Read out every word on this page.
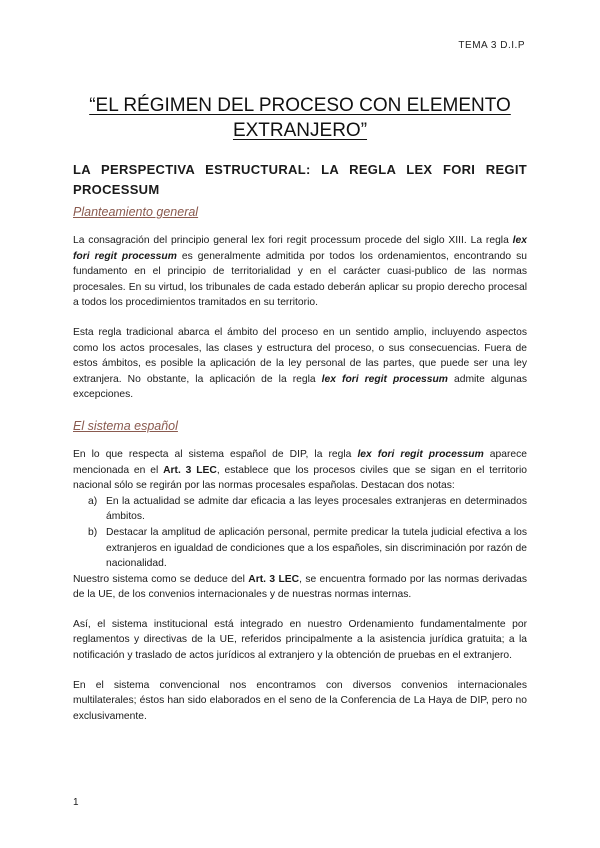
TEMA 3 D.I.P
“EL RÉGIMEN DEL PROCESO CON ELEMENTO
EXTRANJERO”
LA PERSPECTIVA ESTRUCTURAL: LA REGLA LEX FORI REGIT
PROCESSUM
Planteamiento general

La consagración del principio general lex fori regit processum procede del siglo XIII. La regla lex fori regit processum es generalmente admitida por todos los ordenamientos, encontrando su fundamento en el principio de territorialidad y en el carácter cuasi-publico de las normas procesales. En su virtud, los tribunales de cada estado deberán aplicar su propio derecho procesal a todos los procedimientos tramitados en su territorio.

Esta regla tradicional abarca el ámbito del proceso en un sentido amplio, incluyendo aspectos como los actos procesales, las clases y estructura del proceso, o sus consecuencias. Fuera de estos ámbitos, es posible la aplicación de la ley personal de las partes, que puede ser una ley extranjera. No obstante, la aplicación de la regla lex fori regit processum admite algunas excepciones.

El sistema español

En lo que respecta al sistema español de DIP, la regla lex fori regit processum aparece mencionada en el Art. 3 LEC, establece que los procesos civiles que se sigan en el territorio nacional sólo se regirán por las normas procesales españolas. Destacan dos notas:

a) En la actualidad se admite dar eficacia a las leyes procesales extranjeras en determinados ámbitos.
b) Destacar la amplitud de aplicación personal, permite predicar la tutela judicial efectiva a los extranjeros en igualdad de condiciones que a los españoles, sin discriminación por razón de nacionalidad.

Nuestro sistema como se deduce del Art. 3 LEC, se encuentra formado por las normas derivadas de la UE, de los convenios internacionales y de nuestras normas internas.

Así, el sistema institucional está integrado en nuestro Ordenamiento fundamentalmente por reglamentos y directivas de la UE, referidos principalmente a la asistencia jurídica gratuita; a la notificación y traslado de actos jurídicos al extranjero y la obtención de pruebas en el extranjero.

En el sistema convencional nos encontramos con diversos convenios internacionales multilaterales; éstos han sido elaborados en el seno de la Conferencia de La Haya de DIP, pero no exclusivamente.

1
